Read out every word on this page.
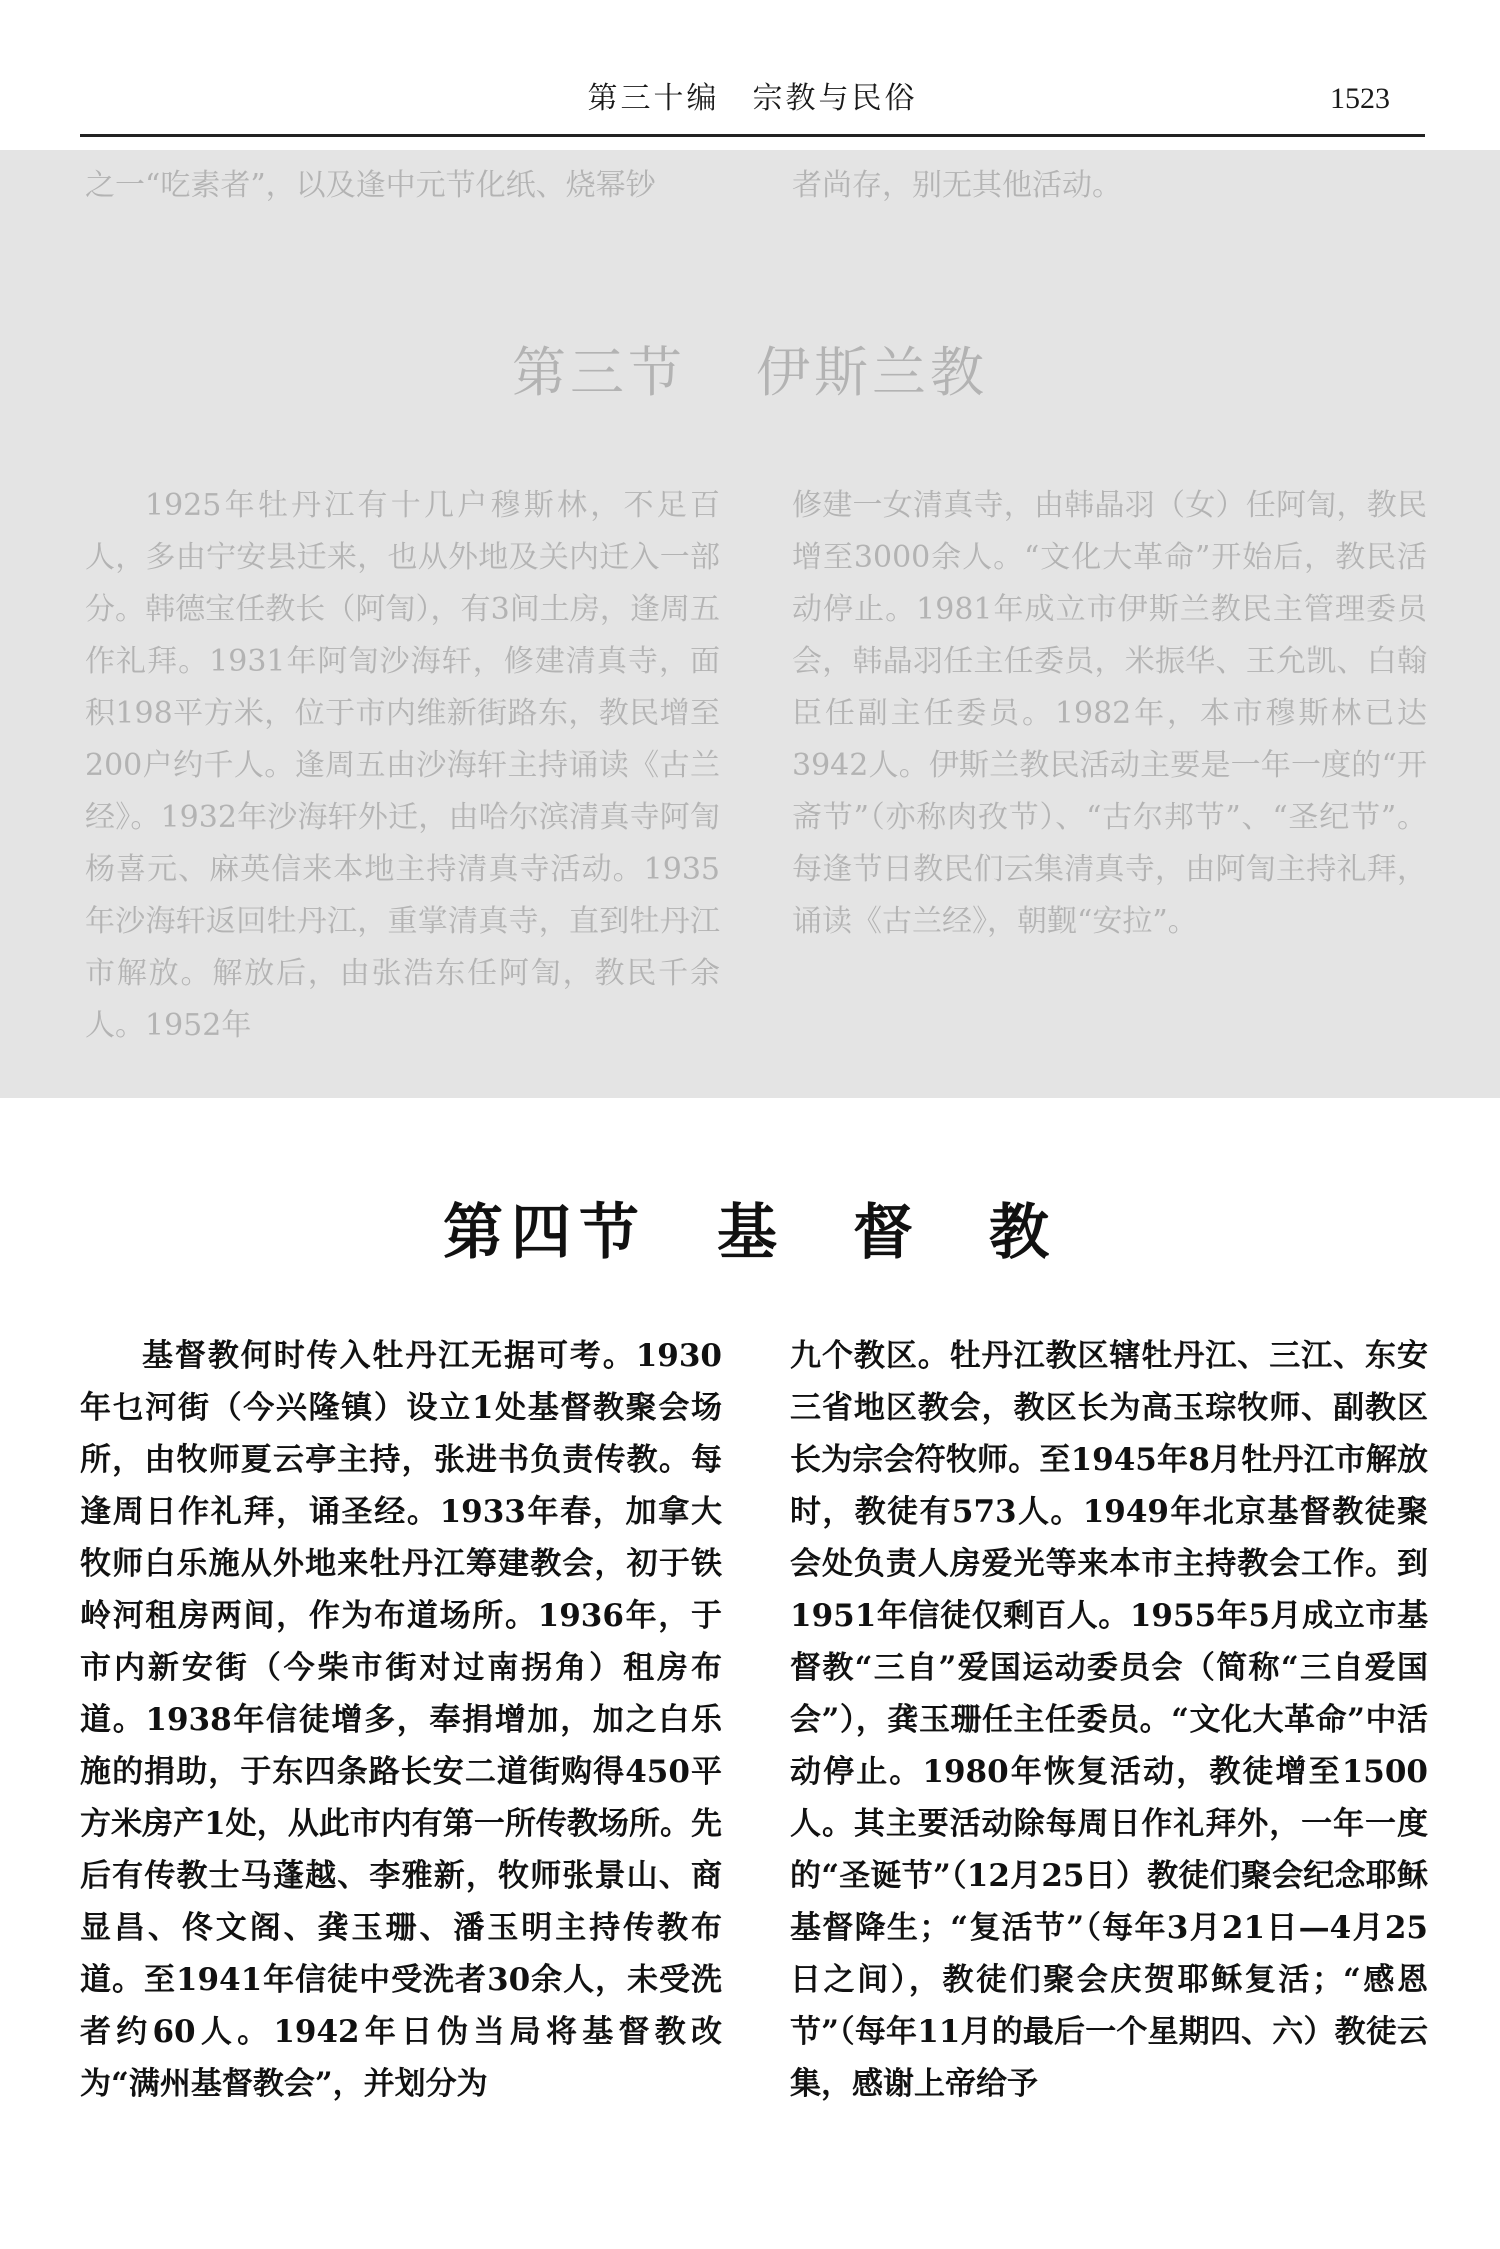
第三十编　宗教与民俗	1523
之一“吃素者”，以及逢中元节化纸、烧幂钞	者尚存，别无其他活动。
第三节 伊斯兰教
1925年牡丹江有十几户穆斯林，不足百人，多由宁安县迁来，也从外地及关内迁入一部分。韩德宝任教长（阿訇），有3间土房，逢周五作礼拜。1931年阿訇沙海轩，修建清真寺，面积198平方米，位于市内维新街路东，教民增至200户约千人。逢周五由沙海轩主持诵读《古兰经》。1932年沙海轩外迁，由哈尔滨清真寺阿訇杨喜元、麻英信来本地主持清真寺活动。1935年沙海轩返回牡丹江，重掌清真寺，直到牡丹江市解放。解放后，由张浩东任阿訇，教民千余人。1952年
修建一女清真寺，由韩晶羽（女）任阿訇，教民增至3000余人。“文化大革命”开始后，教民活动停止。1981年成立市伊斯兰教民主管理委员会，韩晶羽任主任委员，米振华、王允凯、白翰臣任副主任委员。1982年，本市穆斯林已达3942人。伊斯兰教民活动主要是一年一度的“开斋节”（亦称肉孜节）、“古尔邦节”、“圣纪节”。每逢节日教民们云集清真寺，由阿訇主持礼拜，诵读《古兰经》，朝觐“安拉”。
第四节 基　督　教
基督教何时传入牡丹江无据可考。1930年乜河街（今兴隆镇）设立1处基督教聚会场所，由牧师夏云亭主持，张进书负责传教。每逢周日作礼拜，诵圣经。1933年春，加拿大牧师白乐施从外地来牡丹江筹建教会，初于铁岭河租房两间，作为布道场所。1936年，于市内新安街（今柴市街对过南拐角）租房布道。1938年信徒增多，奉捐增加，加之白乐施的捐助，于东四条路长安二道街购得450平方米房产1处，从此市内有第一所传教场所。先后有传教士马蓬越、李雅新，牧师张景山、商显昌、佟文阁、龚玉珊、潘玉明主持传教布道。至1941年信徒中受洗者30余人，未受洗者约60人。1942年日伪当局将基督教改为“满州基督教会”，并划分为
九个教区。牡丹江教区辖牡丹江、三江、东安三省地区教会，教区长为高玉琮牧师、副教区长为宗会符牧师。至1945年8月牡丹江市解放时，教徒有573人。1949年北京基督教徒聚会处负责人房爱光等来本市主持教会工作。到1951年信徒仅剩百人。1955年5月成立市基督教“三自”爱国运动委员会（简称“三自爱国会”），龚玉珊任主任委员。“文化大革命”中活动停止。1980年恢复活动，教徒增至1500人。其主要活动除每周日作礼拜外，一年一度的“圣诞节”（12月25日）教徒们聚会纪念耶稣基督降生；“复活节”（每年3月21日—4月25日之间），教徒们聚会庆贺耶稣复活；“感恩节”（每年11月的最后一个星期四、六）教徒云集，感谢上帝给予
